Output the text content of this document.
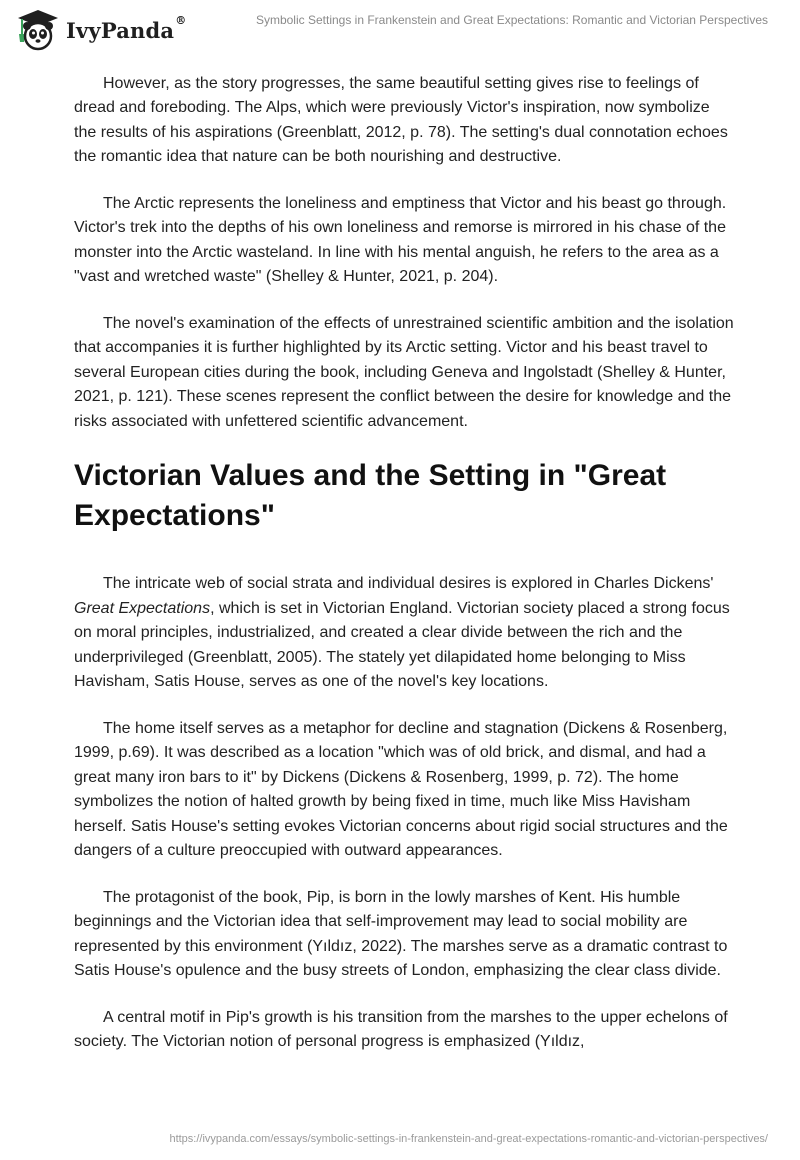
IvyPanda®	Symbolic Settings in Frankenstein and Great Expectations: Romantic and Victorian Perspectives

However, as the story progresses, the same beautiful setting gives rise to feelings of dread and foreboding. The Alps, which were previously Victor's inspiration, now symbolize the results of his aspirations (Greenblatt, 2012, p. 78). The setting's dual connotation echoes the romantic idea that nature can be both nourishing and destructive.

The Arctic represents the loneliness and emptiness that Victor and his beast go through. Victor's trek into the depths of his own loneliness and remorse is mirrored in his chase of the monster into the Arctic wasteland. In line with his mental anguish, he refers to the area as a "vast and wretched waste" (Shelley & Hunter, 2021, p. 204).

The novel's examination of the effects of unrestrained scientific ambition and the isolation that accompanies it is further highlighted by its Arctic setting. Victor and his beast travel to several European cities during the book, including Geneva and Ingolstadt (Shelley & Hunter, 2021, p. 121). These scenes represent the conflict between the desire for knowledge and the risks associated with unfettered scientific advancement.

Victorian Values and the Setting in "Great Expectations"

The intricate web of social strata and individual desires is explored in Charles Dickens' Great Expectations, which is set in Victorian England. Victorian society placed a strong focus on moral principles, industrialized, and created a clear divide between the rich and the underprivileged (Greenblatt, 2005). The stately yet dilapidated home belonging to Miss Havisham, Satis House, serves as one of the novel's key locations.

The home itself serves as a metaphor for decline and stagnation (Dickens & Rosenberg, 1999, p.69). It was described as a location "which was of old brick, and dismal, and had a great many iron bars to it" by Dickens (Dickens & Rosenberg, 1999, p. 72). The home symbolizes the notion of halted growth by being fixed in time, much like Miss Havisham herself. Satis House's setting evokes Victorian concerns about rigid social structures and the dangers of a culture preoccupied with outward appearances.

The protagonist of the book, Pip, is born in the lowly marshes of Kent. His humble beginnings and the Victorian idea that self-improvement may lead to social mobility are represented by this environment (Yıldız, 2022). The marshes serve as a dramatic contrast to Satis House's opulence and the busy streets of London, emphasizing the clear class divide.

A central motif in Pip's growth is his transition from the marshes to the upper echelons of society. The Victorian notion of personal progress is emphasized (Yıldız,

https://ivypanda.com/essays/symbolic-settings-in-frankenstein-and-great-expectations-romantic-and-victorian-perspectives/
